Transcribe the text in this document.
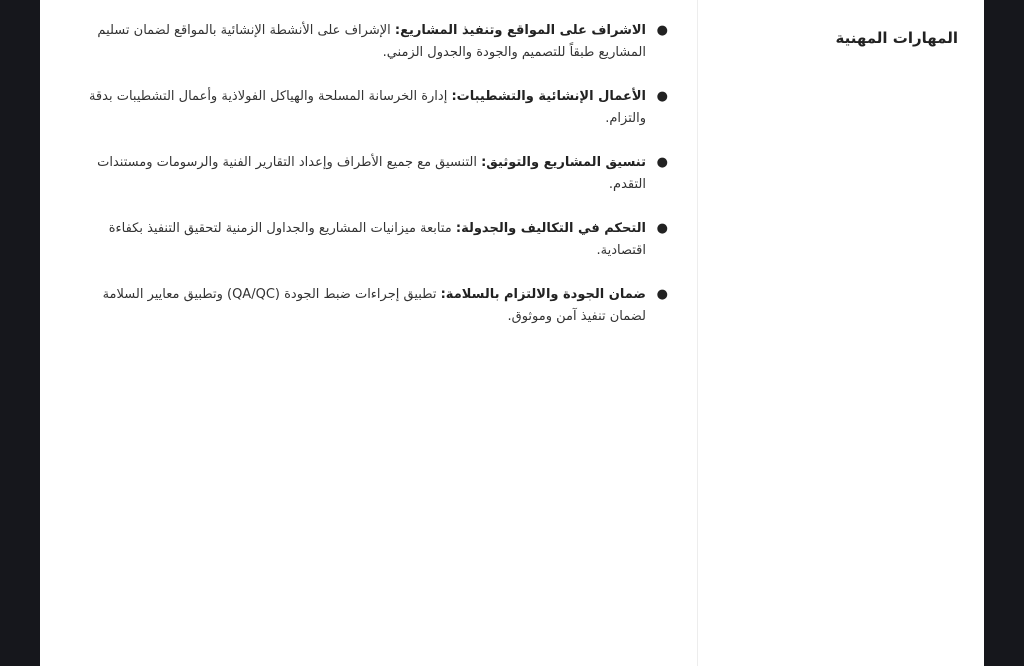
المهارات المهنية
●
الاشراف على المواقع وتنفيذ المشاريع: الإشراف على الأنشطة الإنشائية بالمواقع لضمان تسليم المشاريع طبقاً للتصميم والجودة والجدول الزمني.
●
الأعمال الإنشائية والتشطيبات: إدارة الخرسانة المسلحة والهياكل الفولاذية وأعمال التشطيبات بدقة والتزام.
●
تنسيق المشاريع والتوثيق: التنسيق مع جميع الأطراف وإعداد التقارير الفنية والرسومات ومستندات التقدم.
●
التحكم في التكاليف والجدولة: متابعة ميزانيات المشاريع والجداول الزمنية لتحقيق التنفيذ بكفاءة اقتصادية.
●
ضمان الجودة والالتزام بالسلامة: تطبيق إجراءات ضبط الجودة (QA/QC) وتطبيق معايير السلامة لضمان تنفيذ آمن وموثوق.
